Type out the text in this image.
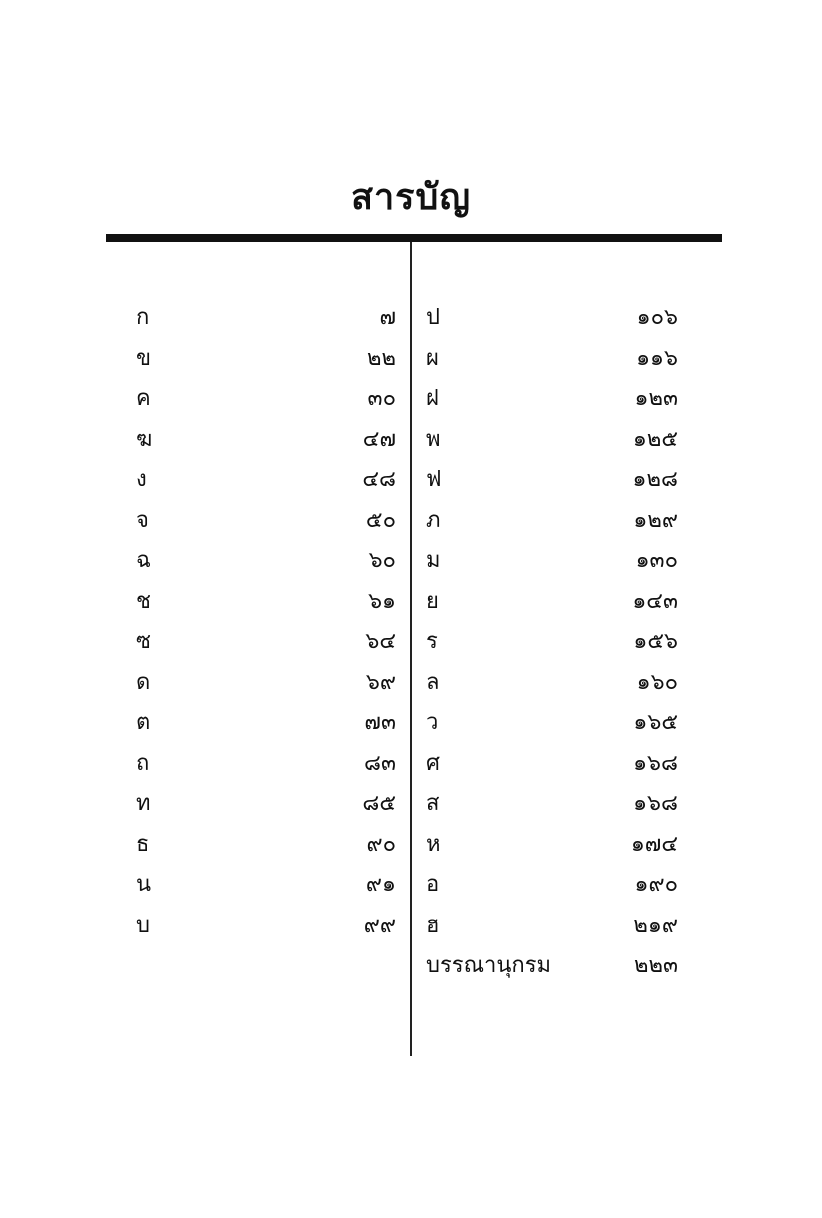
สารบัญ
ก	๗
ข	๒๒
ค	๓๐
ฆ	๔๗
ง	๔๘
จ	๕๐
ฉ	๖๐
ช	๖๑
ซ	๖๔
ด	๖๙
ต	๗๓
ถ	๘๓
ท	๘๕
ธ	๙๐
น	๙๑
บ	๙๙
ป	๑๐๖
ผ	๑๑๖
ฝ	๑๒๓
พ	๑๒๕
ฟ	๑๒๘
ภ	๑๒๙
ม	๑๓๐
ย	๑๔๓
ร	๑๕๖
ล	๑๖๐
ว	๑๖๕
ศ	๑๖๘
ส	๑๖๘
ห	๑๗๔
อ	๑๙๐
ฮ	๒๑๙
บรรณานุกรม	๒๒๓
